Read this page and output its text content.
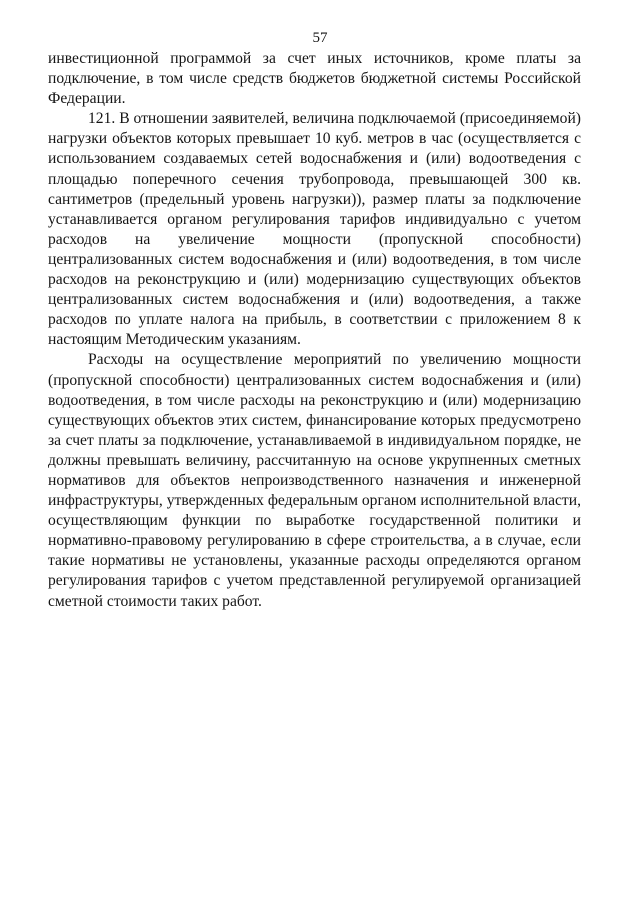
57

инвестиционной программой за счет иных источников, кроме платы за подключение, в том числе средств бюджетов бюджетной системы Российской Федерации.

121. В отношении заявителей, величина подключаемой (присоединяемой) нагрузки объектов которых превышает 10 куб. метров в час (осуществляется с использованием создаваемых сетей водоснабжения и (или) водоотведения с площадью поперечного сечения трубопровода, превышающей 300 кв. сантиметров (предельный уровень нагрузки)), размер платы за подключение устанавливается органом регулирования тарифов индивидуально с учетом расходов на увеличение мощности (пропускной способности) централизованных систем водоснабжения и (или) водоотведения, в том числе расходов на реконструкцию и (или) модернизацию существующих объектов централизованных систем водоснабжения и (или) водоотведения, а также расходов по уплате налога на прибыль, в соответствии с приложением 8 к настоящим Методическим указаниям.

Расходы на осуществление мероприятий по увеличению мощности (пропускной способности) централизованных систем водоснабжения и (или) водоотведения, в том числе расходы на реконструкцию и (или) модернизацию существующих объектов этих систем, финансирование которых предусмотрено за счет платы за подключение, устанавливаемой в индивидуальном порядке, не должны превышать величину, рассчитанную на основе укрупненных сметных нормативов для объектов непроизводственного назначения и инженерной инфраструктуры, утвержденных федеральным органом исполнительной власти, осуществляющим функции по выработке государственной политики и нормативно-правовому регулированию в сфере строительства, а в случае, если такие нормативы не установлены, указанные расходы определяются органом регулирования тарифов с учетом представленной регулируемой организацией сметной стоимости таких работ.
